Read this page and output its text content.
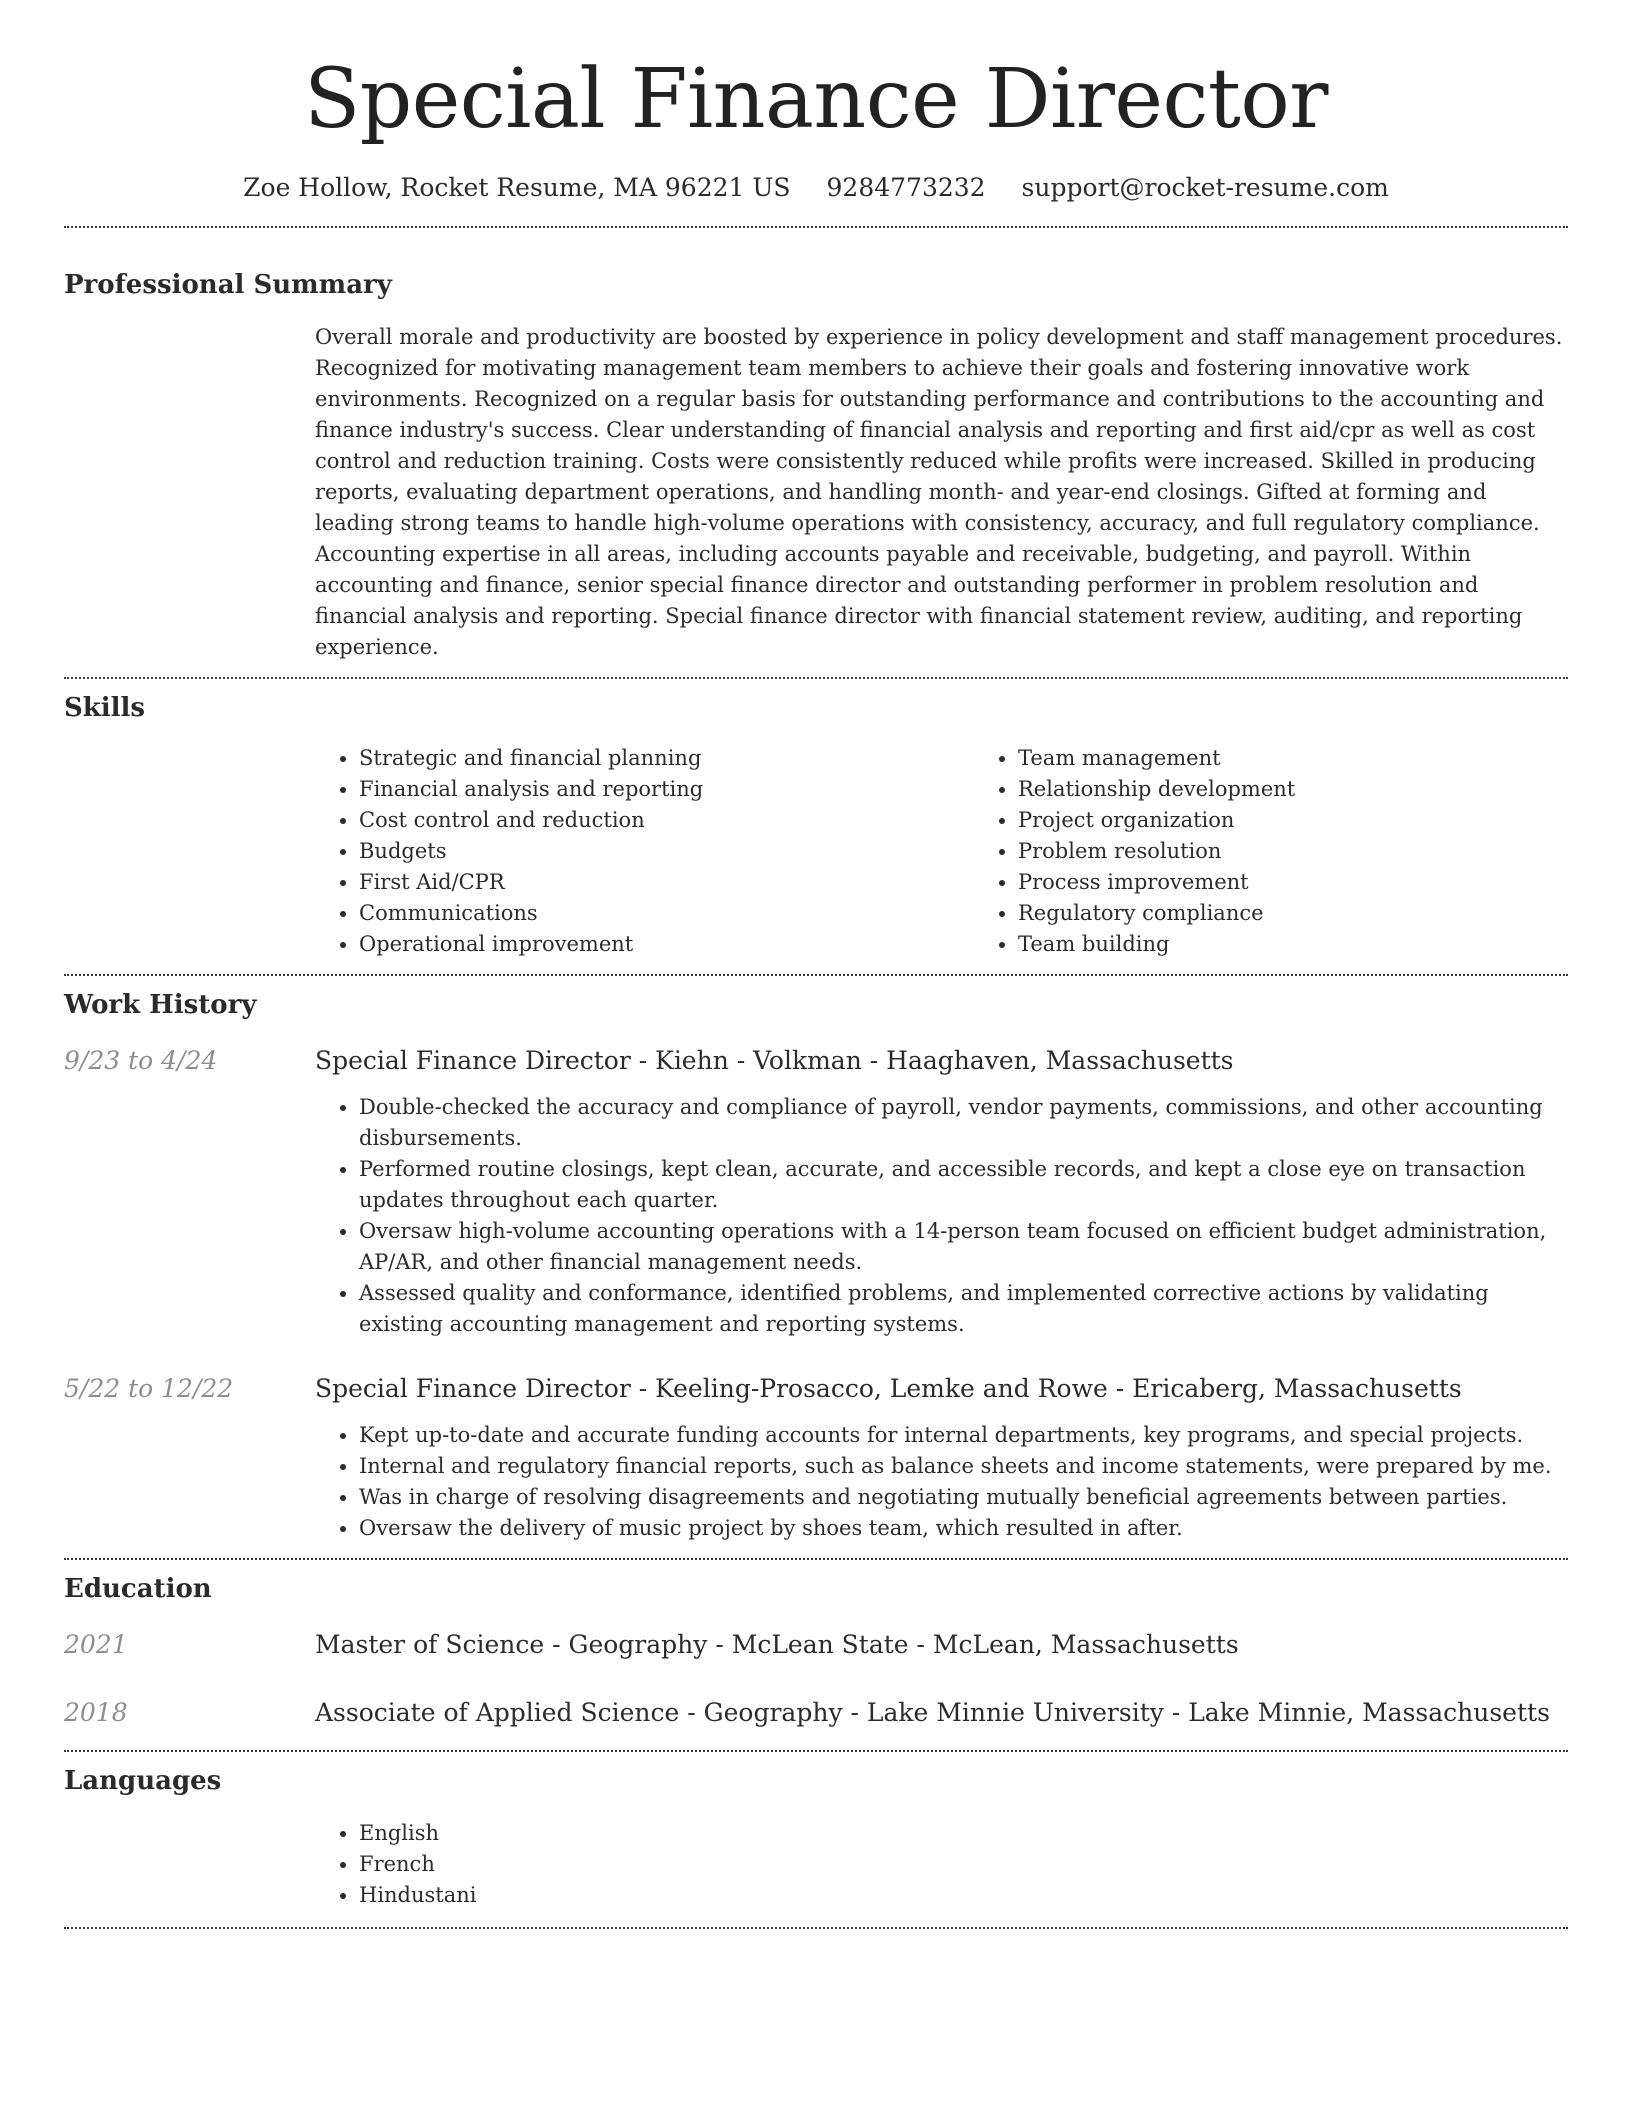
Special Finance Director
Zoe Hollow, Rocket Resume, MA 96221 US 9284773232 support@rocket-resume.com
Professional Summary

Overall morale and productivity are boosted by experience in policy development and staff management procedures. Recognized for motivating management team members to achieve their goals and fostering innovative work environments. Recognized on a regular basis for outstanding performance and contributions to the accounting and finance industry's success. Clear understanding of financial analysis and reporting and first aid/cpr as well as cost control and reduction training. Costs were consistently reduced while profits were increased. Skilled in producing reports, evaluating department operations, and handling month- and year-end closings. Gifted at forming and leading strong teams to handle high-volume operations with consistency, accuracy, and full regulatory compliance. Accounting expertise in all areas, including accounts payable and receivable, budgeting, and payroll. Within accounting and finance, senior special finance director and outstanding performer in problem resolution and financial analysis and reporting. Special finance director with financial statement review, auditing, and reporting experience.

Skills
• Strategic and financial planning
• Financial analysis and reporting
• Cost control and reduction
• Budgets
• First Aid/CPR
• Communications
• Operational improvement
• Team management
• Relationship development
• Project organization
• Problem resolution
• Process improvement
• Regulatory compliance
• Team building
Work History
9/23 to 4/24	Special Finance Director - Kiehn - Volkman - Haaghaven, Massachusetts
• Double-checked the accuracy and compliance of payroll, vendor payments, commissions, and other accounting disbursements.
• Performed routine closings, kept clean, accurate, and accessible records, and kept a close eye on transaction updates throughout each quarter.
• Oversaw high-volume accounting operations with a 14-person team focused on efficient budget administration, AP/AR, and other financial management needs.
• Assessed quality and conformance, identified problems, and implemented corrective actions by validating existing accounting management and reporting systems.
5/22 to 12/22	Special Finance Director - Keeling-Prosacco, Lemke and Rowe - Ericaberg, Massachusetts
• Kept up-to-date and accurate funding accounts for internal departments, key programs, and special projects.
• Internal and regulatory financial reports, such as balance sheets and income statements, were prepared by me.
• Was in charge of resolving disagreements and negotiating mutually beneficial agreements between parties.
• Oversaw the delivery of music project by shoes team, which resulted in after.
Education
2021	Master of Science - Geography - McLean State - McLean, Massachusetts
2018	Associate of Applied Science - Geography - Lake Minnie University - Lake Minnie, Massachusetts
Languages
• English
• French
• Hindustani
